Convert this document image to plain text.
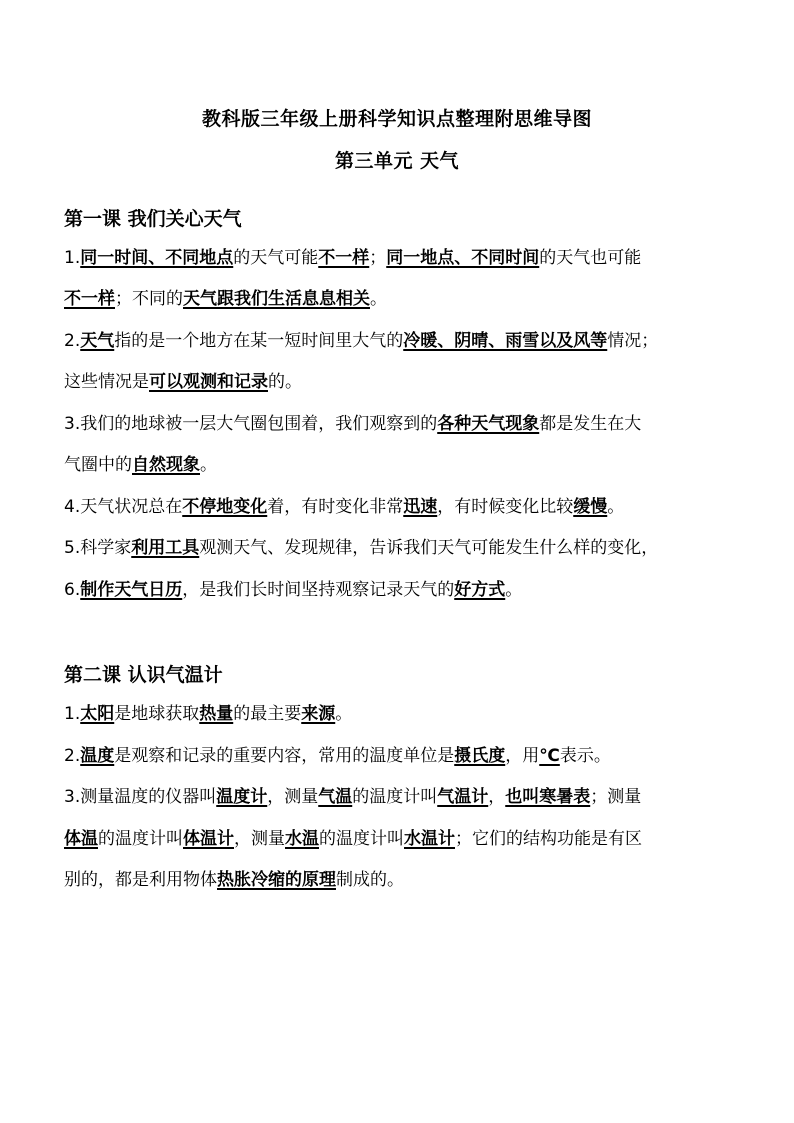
教科版三年级上册科学知识点整理附思维导图
第三单元 天气
第一课 我们关心天气
1.同一时间、不同地点的天气可能不一样；同一地点、不同时间的天气也可能
不一样；不同的天气跟我们生活息息相关。
2.天气指的是一个地方在某一短时间里大气的冷暖、阴晴、雨雪以及风等情况；
这些情况是可以观测和记录的。
3.我们的地球被一层大气圈包围着，我们观察到的各种天气现象都是发生在大
气圈中的自然现象。
4.天气状况总在不停地变化着，有时变化非常迅速，有时候变化比较缓慢。
5.科学家利用工具观测天气、发现规律，告诉我们天气可能发生什么样的变化，
6.制作天气日历，是我们长时间坚持观察记录天气的好方式。
第二课 认识气温计
1.太阳是地球获取热量的最主要来源。
2.温度是观察和记录的重要内容，常用的温度单位是摄氏度，用℃表示。
3.测量温度的仪器叫温度计，测量气温的温度计叫气温计，也叫寒暑表；测量
体温的温度计叫体温计，测量水温的温度计叫水温计；它们的结构功能是有区
别的，都是利用物体热胀冷缩的原理制成的。
